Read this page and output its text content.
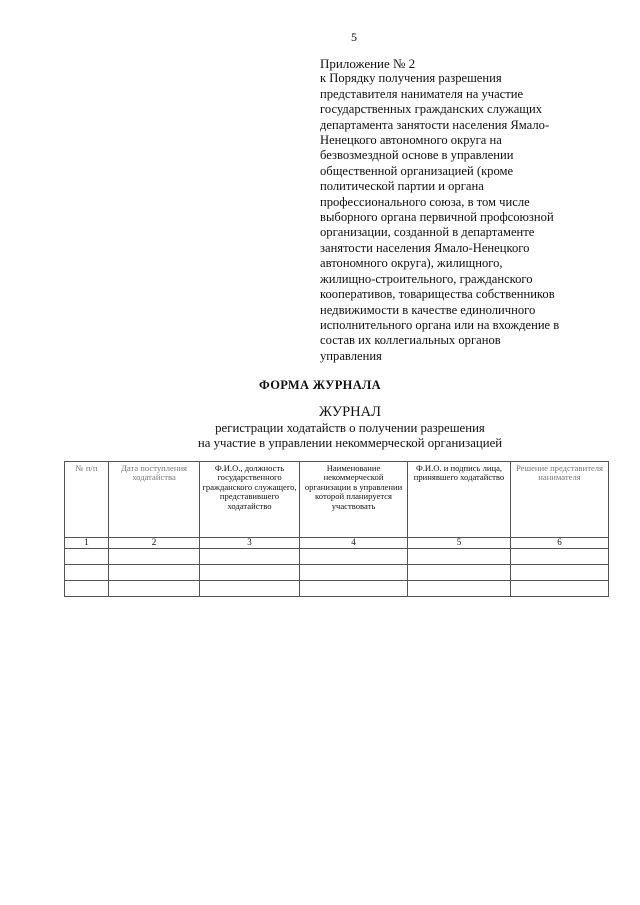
5
Приложение № 2
к Порядку получения разрешения
представителя нанимателя на участие
государственных гражданских служащих
департамента занятости населения Ямало-
Ненецкого автономного округа на
безвозмездной основе в управлении
общественной организацией (кроме
политической партии и органа
профессионального союза, в том числе
выборного органа первичной профсоюзной
организации, созданной в департаменте
занятости населения Ямало-Ненецкого
автономного округа), жилищного,
жилищно-строительного, гражданского
кооперативов, товарищества собственников
недвижимости в качестве единоличного
исполнительного органа или на вхождение в
состав их коллегиальных органов
управления
ФОРМА ЖУРНАЛА
ЖУРНАЛ
регистрации ходатайств о получении разрешения
на участие в управлении некоммерческой организацией
№ п/п	Дата поступления ходатайства	Ф.И.О., должность государственного гражданского служащего, представившего ходатайство	Наименование некоммерческой организации в управлении которой планируется участвовать	Ф.И.О. и подпись лица, принявшего ходатайство	Решение представителя нанимателя
1	2	3	4	5	6
